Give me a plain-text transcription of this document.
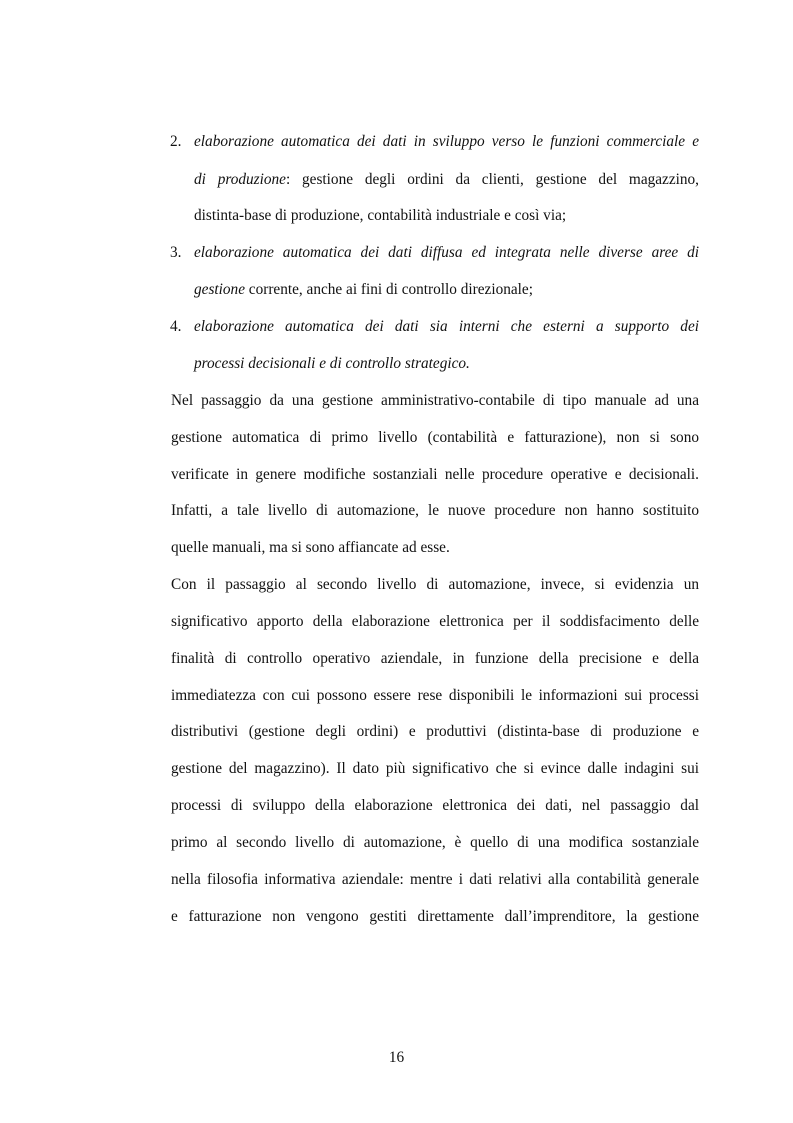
2. elaborazione automatica dei dati in sviluppo verso le funzioni commerciale e
di produzione: gestione degli ordini da clienti, gestione del magazzino,
distinta-base di produzione, contabilità industriale e così via;
3. elaborazione automatica dei dati diffusa ed integrata nelle diverse aree di
gestione corrente, anche ai fini di controllo direzionale;
4. elaborazione automatica dei dati sia interni che esterni a supporto dei
processi decisionali e di controllo strategico.
Nel passaggio da una gestione amministrativo-contabile di tipo manuale ad una
gestione automatica di primo livello (contabilità e fatturazione), non si sono
verificate in genere modifiche sostanziali nelle procedure operative e decisionali.
Infatti, a tale livello di automazione, le nuove procedure non hanno sostituito
quelle manuali, ma si sono affiancate ad esse.
Con il passaggio al secondo livello di automazione, invece, si evidenzia un
significativo apporto della elaborazione elettronica per il soddisfacimento delle
finalità di controllo operativo aziendale, in funzione della precisione e della
immediatezza con cui possono essere rese disponibili le informazioni sui processi
distributivi (gestione degli ordini) e produttivi (distinta-base di produzione e
gestione del magazzino). Il dato più significativo che si evince dalle indagini sui
processi di sviluppo della elaborazione elettronica dei dati, nel passaggio dal
primo al secondo livello di automazione, è quello di una modifica sostanziale
nella filosofia informativa aziendale: mentre i dati relativi alla contabilità generale
e fatturazione non vengono gestiti direttamente dall’imprenditore, la gestione
16
